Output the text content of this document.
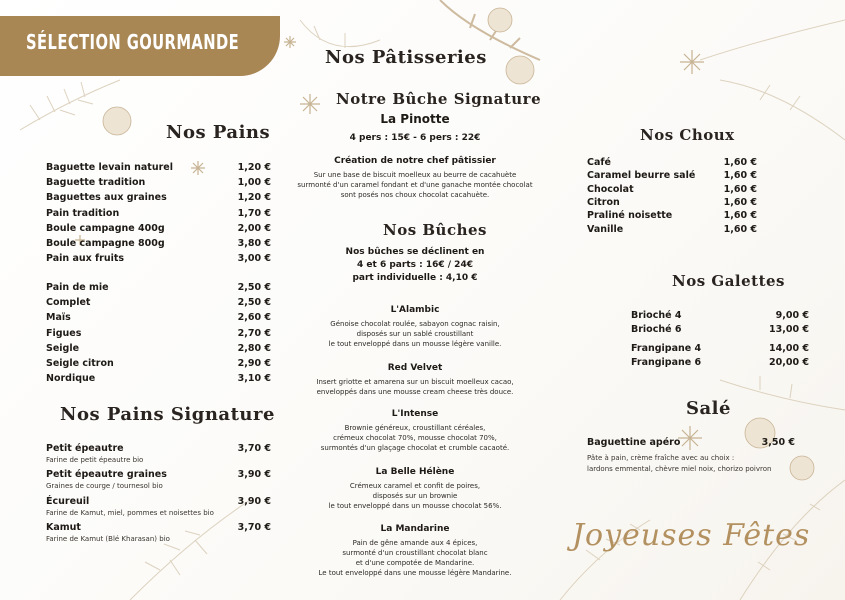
SÉLECTION GOURMANDE
Nos Pains
Baguette levain naturel	1,20 €
Baguette tradition	1,00 €
Baguettes aux graines	1,20 €
Pain tradition	1,70 €
Boule campagne 400g	2,00 €
Boule campagne 800g	3,80 €
Pain aux fruits	3,00 €
Pain de mie	2,50 €
Complet	2,50 €
Maïs	2,60 €
Figues	2,70 €
Seigle	2,80 €
Seigle citron	2,90 €
Nordique	3,10 €
Nos Pains Signature
Petit épeautre	3,70 €
Farine de petit épeautre bio
Petit épeautre graines	3,90 €
Graines de courge / tournesol bio
Écureuil	3,90 €
Farine de Kamut, miel, pommes et noisettes bio
Kamut	3,70 €
Farine de Kamut (Blé Kharasan) bio
Nos Pâtisseries
Notre Bûche Signature
La Pinotte
4 pers : 15€ - 6 pers : 22€
Création de notre chef pâtissier
Sur une base de biscuit moelleux au beurre de cacahuète
surmonté d'un caramel fondant et d'une ganache montée chocolat
sont posés nos choux chocolat cacahuète.
Nos Bûches
Nos bûches se déclinent en
4 et 6 parts : 16€ / 24€
part individuelle : 4,10 €
L'Alambic
Génoise chocolat roulée, sabayon cognac raisin,
disposés sur un sablé croustillant
le tout enveloppé dans un mousse légère vanille.
Red Velvet
Insert griotte et amarena sur un biscuit moelleux cacao,
enveloppés dans une mousse cream cheese très douce.
L'Intense
Brownie généreux, croustillant céréales,
crémeux chocolat 70%, mousse chocolat 70%,
surmontés d'un glaçage chocolat et crumble cacaoté.
La Belle Hélène
Crémeux caramel et confit de poires,
disposés sur un brownie
le tout enveloppé dans un mousse chocolat 56%.
La Mandarine
Pain de gêne amande aux 4 épices,
surmonté d'un croustillant chocolat blanc
et d'une compotée de Mandarine.
Le tout enveloppé dans une mousse légère Mandarine.
Nos Choux
Café	1,60 €
Caramel beurre salé	1,60 €
Chocolat	1,60 €
Citron	1,60 €
Praliné noisette	1,60 €
Vanille	1,60 €
Nos Galettes
Brioché 4	9,00 €
Brioché 6	13,00 €
Frangipane 4	14,00 €
Frangipane 6	20,00 €
Salé
Baguettine apéro	3,50 €
Pâte à pain, crème fraîche avec au choix :
lardons emmental, chèvre miel noix, chorizo poivron
Joyeuses Fêtes
